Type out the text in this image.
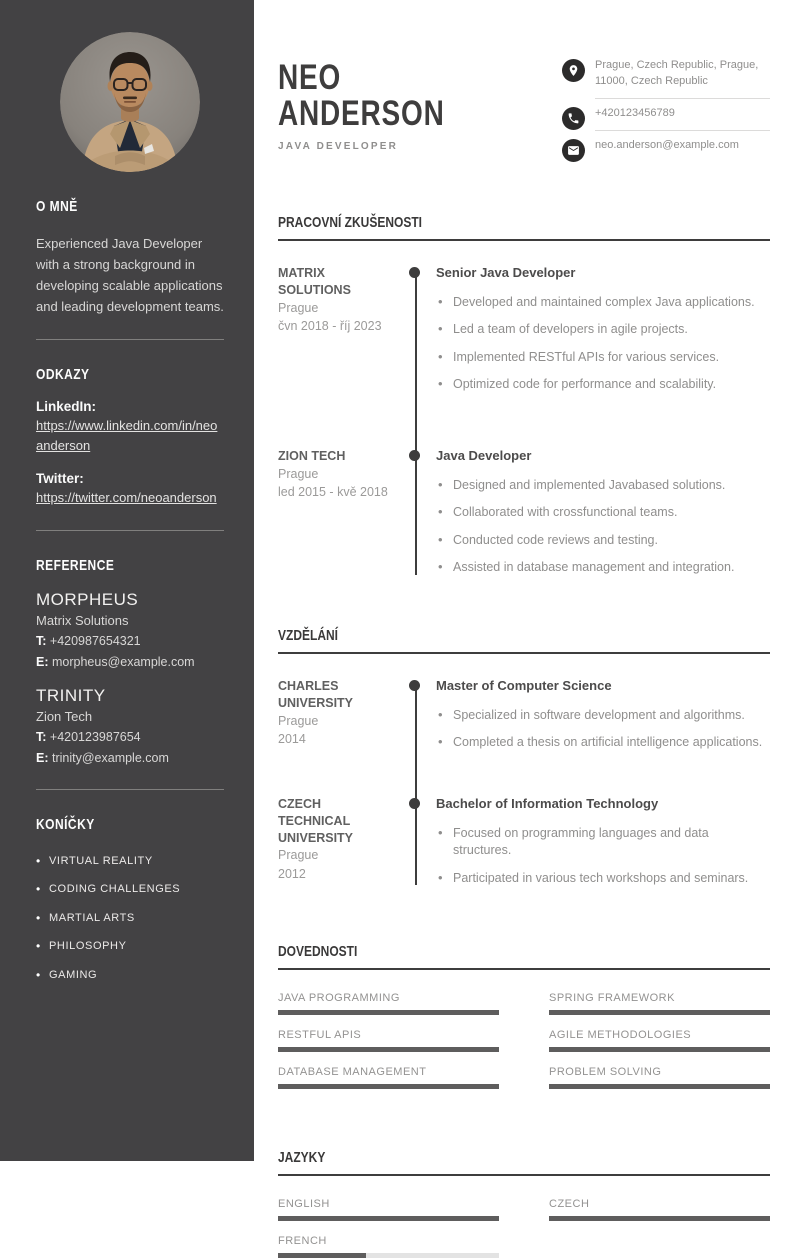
O MNĚ

Experienced Java Developer with a strong background in developing scalable applications and leading development teams.

ODKAZY
LinkedIn:
https://www.linkedin.com/in/neoanderson
Twitter:
https://twitter.com/neoanderson
REFERENCE
MORPHEUS
Matrix Solutions
T: +420987654321
E: morpheus@example.com
TRINITY
Zion Tech
T: +420123987654
E: trinity@example.com
KONÍČKY
• VIRTUAL REALITY
• CODING CHALLENGES
• MARTIAL ARTS
• PHILOSOPHY
• GAMING
NEO
ANDERSON
JAVA DEVELOPER
Prague, Czech Republic, Prague, 11000, Czech Republic
+420123456789
neo.anderson@example.com
PRACOVNÍ ZKUŠENOSTI
MATRIX SOLUTIONS
Prague
čvn 2018 - říj 2023
Senior Java Developer
• Developed and maintained complex Java applications.
• Led a team of developers in agile projects.
• Implemented RESTful APIs for various services.
• Optimized code for performance and scalability.
ZION TECH
Prague
led 2015 - kvě 2018
Java Developer
• Designed and implemented Javabased solutions.
• Collaborated with crossfunctional teams.
• Conducted code reviews and testing.
• Assisted in database management and integration.
VZDĚLÁNÍ
CHARLES UNIVERSITY
Prague
2014
Master of Computer Science
• Specialized in software development and algorithms.
• Completed a thesis on artificial intelligence applications.
CZECH TECHNICAL UNIVERSITY
Prague
2012
Bachelor of Information Technology
• Focused on programming languages and data structures.
• Participated in various tech workshops and seminars.
DOVEDNOSTI
JAVA PROGRAMMING	SPRING FRAMEWORK
RESTFUL APIS	AGILE METHODOLOGIES
DATABASE MANAGEMENT	PROBLEM SOLVING
JAZYKY
ENGLISH	CZECH
FRENCH
